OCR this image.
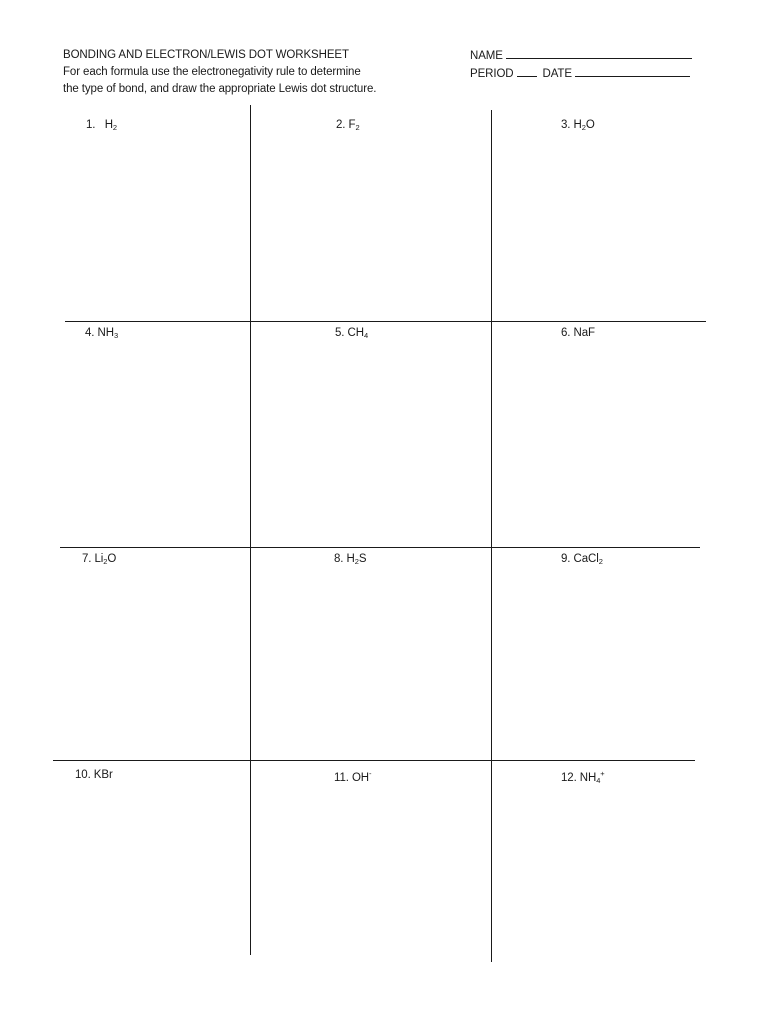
BONDING AND ELECTRON/LEWIS DOT WORKSHEET
For each formula use the electronegativity rule to determine
the type of bond, and draw the appropriate Lewis dot structure.
NAME
PERIOD	DATE
1. $H_2$	2. $F_2$	3. $H_2O$
4. $NH_3$	5. $CH_4$	6. NaF
7. $Li_2O$	8. $H_2S$	9. CaCl$_2$
10. KBr	11. OH-	12. $NH_4^+$
